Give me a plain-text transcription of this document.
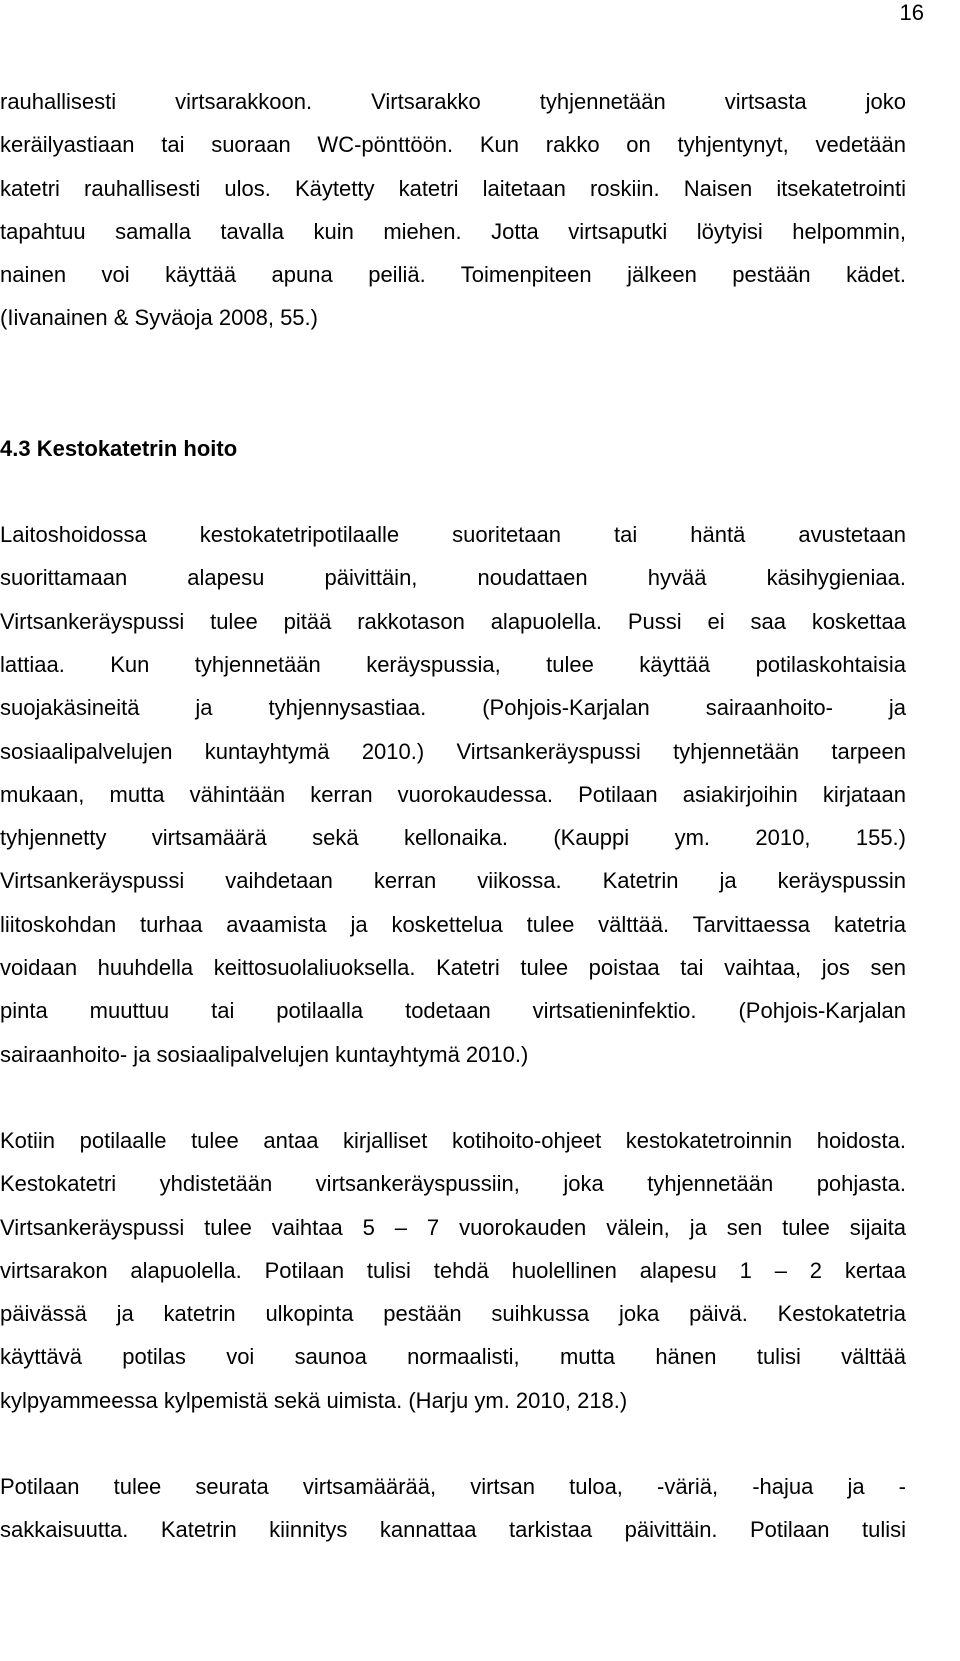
16
rauhallisesti virtsarakkoon. Virtsarakko tyhjennetään virtsasta joko
keräilyastiaan tai suoraan WC-pönttöön. Kun rakko on tyhjentynyt, vedetään
katetri rauhallisesti ulos. Käytetty katetri laitetaan roskiin. Naisen itsekatetrointi
tapahtuu samalla tavalla kuin miehen. Jotta virtsaputki löytyisi helpommin,
nainen voi käyttää apuna peiliä. Toimenpiteen jälkeen pestään kädet.
(Iivanainen & Syväoja 2008, 55.)
4.3 Kestokatetrin hoito
Laitoshoidossa kestokatetripotilaalle suoritetaan tai häntä avustetaan
suorittamaan alapesu päivittäin, noudattaen hyvää käsihygieniaa.
Virtsankeräyspussi tulee pitää rakkotason alapuolella. Pussi ei saa koskettaa
lattiaa. Kun tyhjennetään keräyspussia, tulee käyttää potilaskohtaisia
suojakäsineitä ja tyhjennysastiaa. (Pohjois-Karjalan sairaanhoito- ja
sosiaalipalvelujen kuntayhtymä 2010.) Virtsankeräyspussi tyhjennetään tarpeen
mukaan, mutta vähintään kerran vuorokaudessa. Potilaan asiakirjoihin kirjataan
tyhjennetty virtsamäärä sekä kellonaika. (Kauppi ym. 2010, 155.)
Virtsankeräyspussi vaihdetaan kerran viikossa. Katetrin ja keräyspussin
liitoskohdan turhaa avaamista ja koskettelua tulee välttää. Tarvittaessa katetria
voidaan huuhdella keittosuolaliuoksella. Katetri tulee poistaa tai vaihtaa, jos sen
pinta muuttuu tai potilaalla todetaan virtsatieninfektio. (Pohjois-Karjalan
sairaanhoito- ja sosiaalipalvelujen kuntayhtymä 2010.)
Kotiin potilaalle tulee antaa kirjalliset kotihoito-ohjeet kestokatetroinnin hoidosta.
Kestokatetri yhdistetään virtsankeräyspussiin, joka tyhjennetään pohjasta.
Virtsankeräyspussi tulee vaihtaa 5 – 7 vuorokauden välein, ja sen tulee sijaita
virtsarakon alapuolella. Potilaan tulisi tehdä huolellinen alapesu 1 – 2 kertaa
päivässä ja katetrin ulkopinta pestään suihkussa joka päivä. Kestokatetria
käyttävä potilas voi saunoa normaalisti, mutta hänen tulisi välttää
kylpyammeessa kylpemistä sekä uimista. (Harju ym. 2010, 218.)
Potilaan tulee seurata virtsamäärää, virtsan tuloa, -väriä, -hajua ja -
sakkaisuutta. Katetrin kiinnitys kannattaa tarkistaa päivittäin. Potilaan tulisi
